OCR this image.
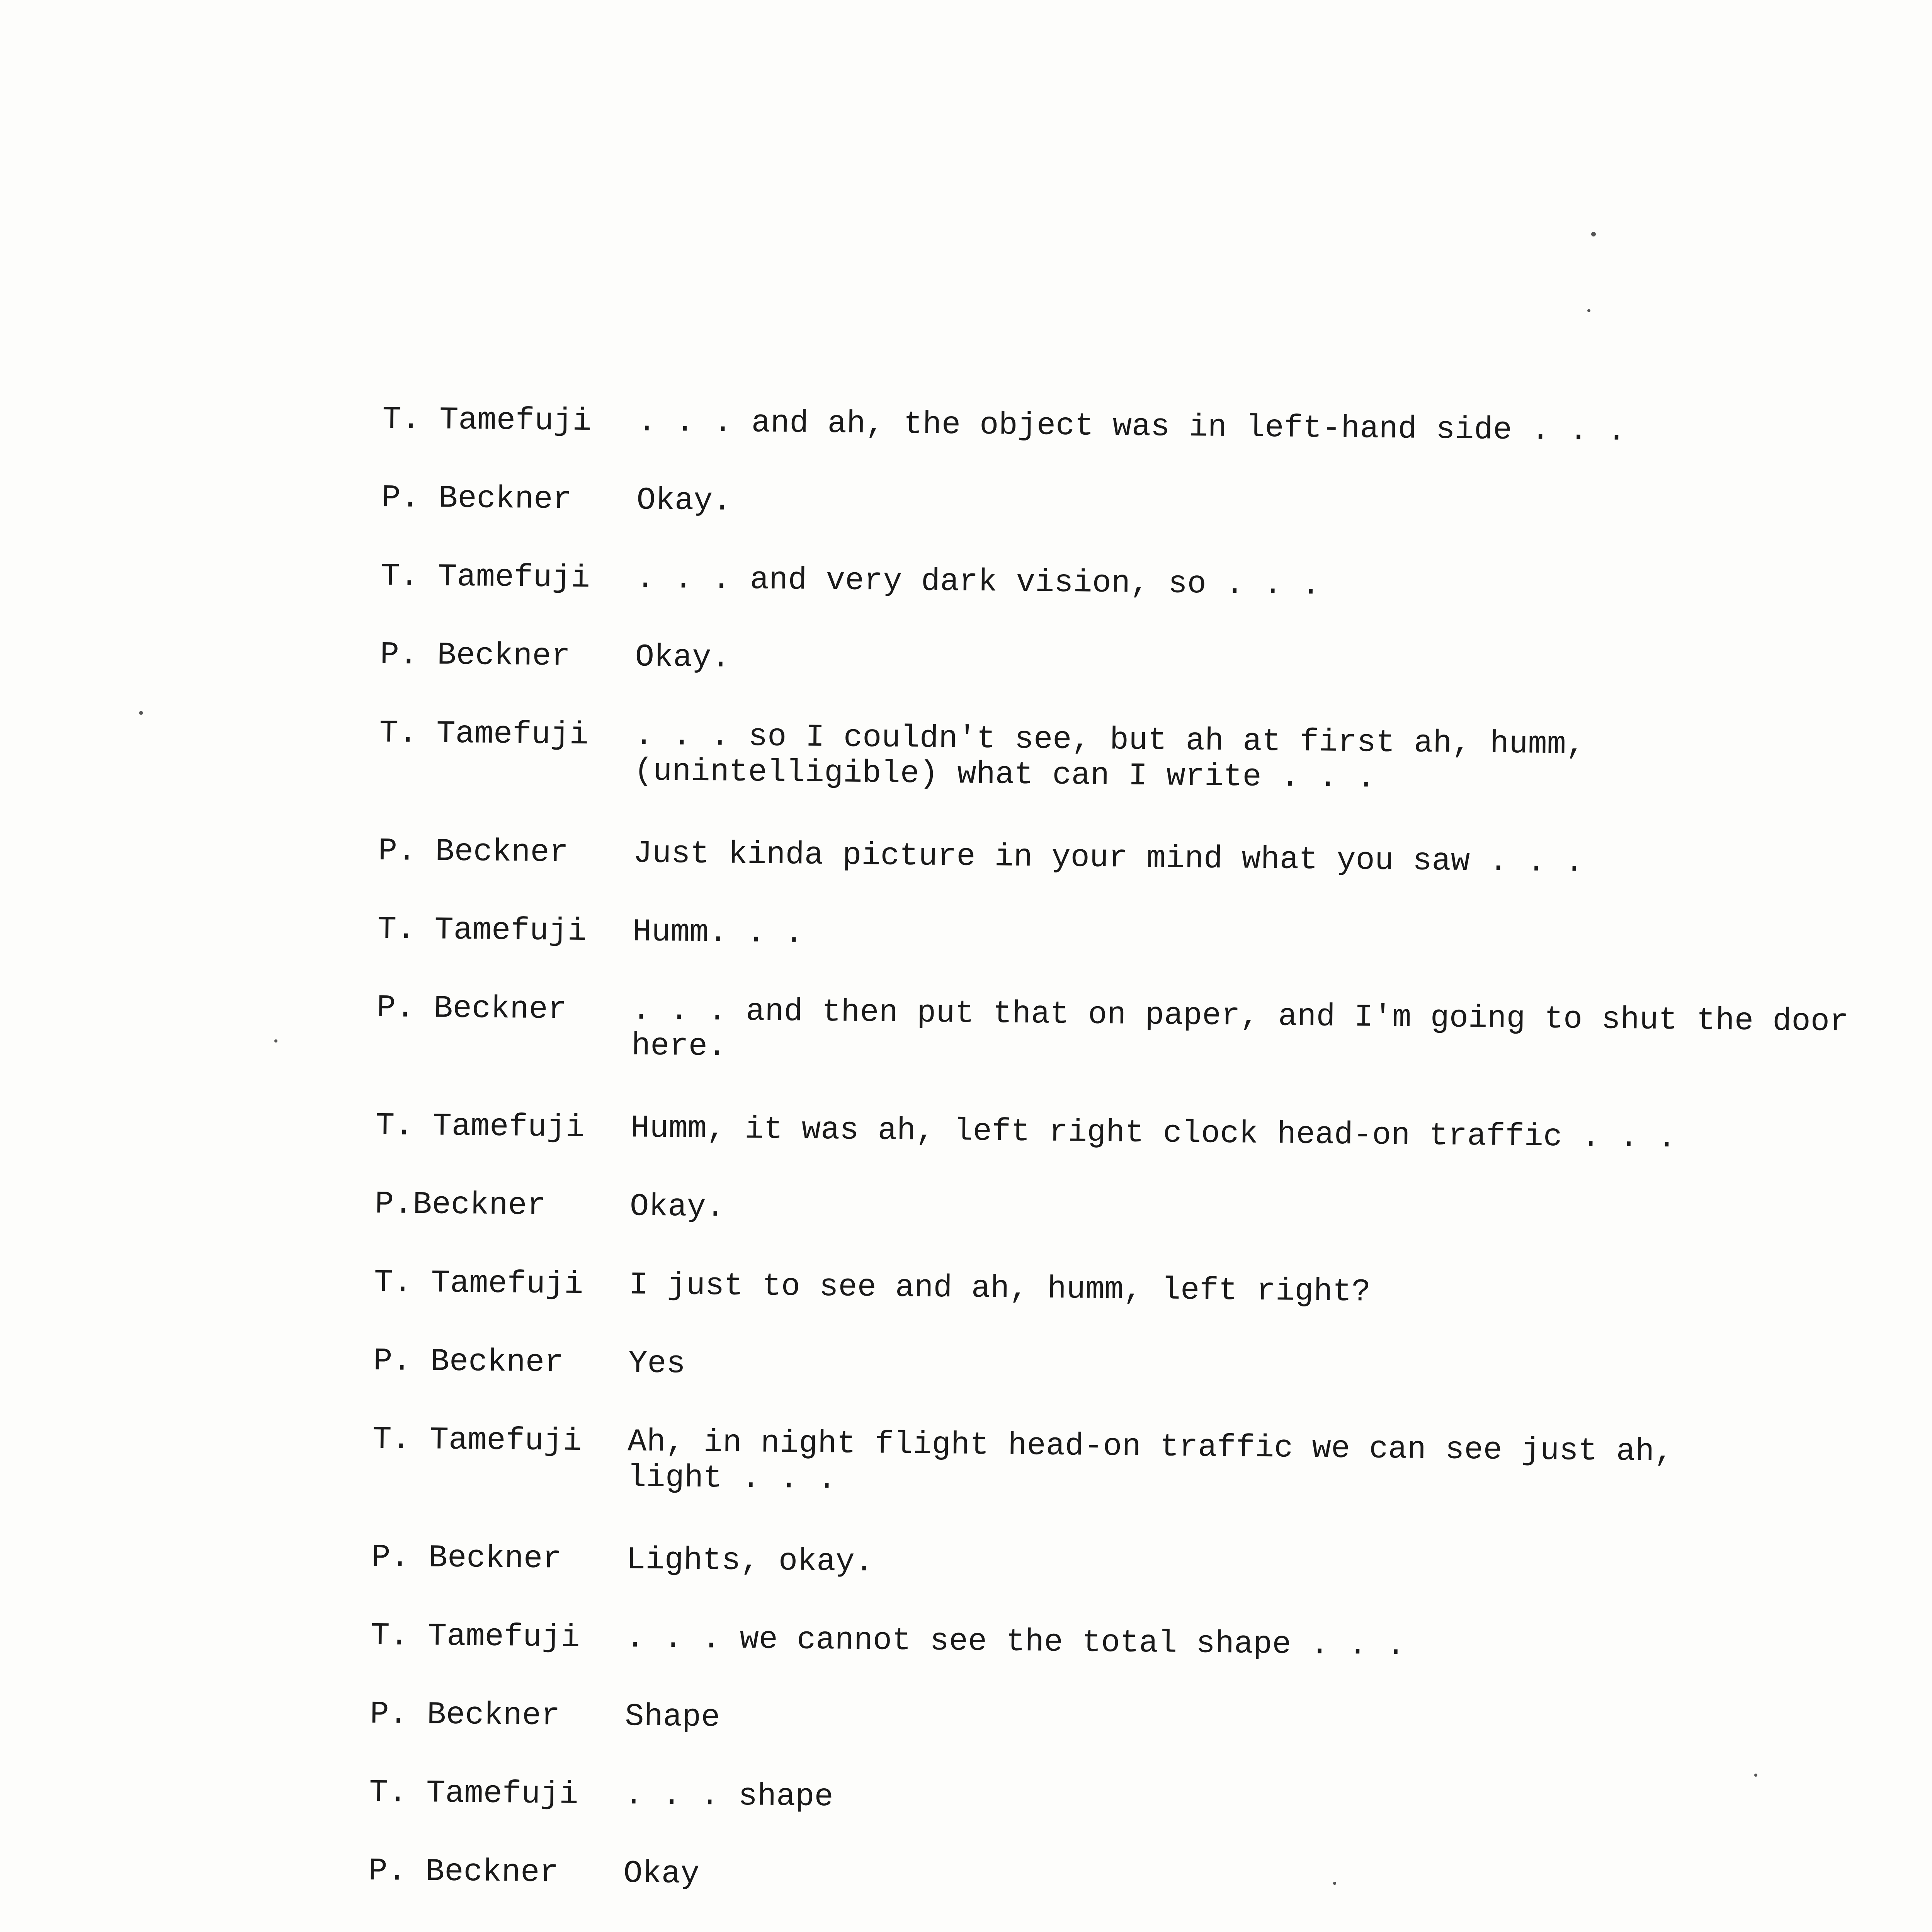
T. Tamefuji	. . . and ah, the object was in left-hand side . . .
P. Beckner	Okay.
T. Tamefuji	. . . and very dark vision, so . . .
P. Beckner	Okay.
T. Tamefuji	. . . so I couldn't see, but ah at first ah, humm,
(unintelligible) what can I write . . .
P. Beckner	Just kinda picture in your mind what you saw . . .
T. Tamefuji	Humm. . .
P. Beckner	. . . and then put that on paper, and I'm going to shut the door
here.
T. Tamefuji	Humm, it was ah, left right clock head-on traffic . . .
P.Beckner	Okay.
T. Tamefuji	I just to see and ah, humm, left right?
P. Beckner	Yes
T. Tamefuji	Ah, in night flight head-on traffic we can see just ah,
light . . .
P. Beckner	Lights, okay.
T. Tamefuji	. . . we cannot see the total shape . . .
P. Beckner	Shape
T. Tamefuji	. . . shape
P. Beckner	Okay
